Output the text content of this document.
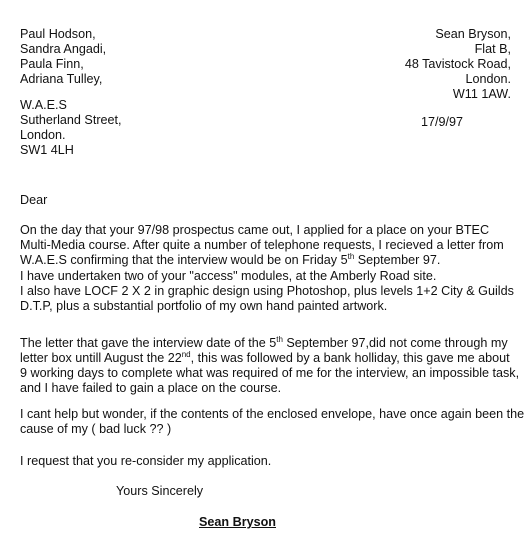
Paul Hodson,
Sandra Angadi,
Paula Finn,
Adriana Tulley,
Sean Bryson,
Flat B,
48 Tavistock Road,
London.
W11 1AW.
W.A.E.S
Sutherland Street,
London.
SW1 4LH
17/9/97
Dear
On the day that your 97/98 prospectus came out, I applied for a place on your BTEC
Multi-Media course. After quite a number of telephone requests, I recieved a letter from
W.A.E.S confirming that the interview would be on Friday 5th September 97.
I have undertaken two of your "access" modules, at the Amberly Road site.
I also have LOCF 2 X 2 in graphic design using Photoshop, plus levels 1+2 City & Guilds
D.T.P, plus a substantial portfolio of my own hand painted artwork.
The letter that gave the interview date of the 5th September 97,did not come through my
letter box untill August the 22nd, this was followed by a bank holliday, this gave me about
9 working days to complete what was required of me for the interview, an impossible task,
and I have failed to gain a place on the course.
I cant help but wonder, if the contents of the enclosed envelope, have once again been the
cause of my ( bad luck ?? )
I request that you re-consider my application.
Yours Sincerely
Sean Bryson
